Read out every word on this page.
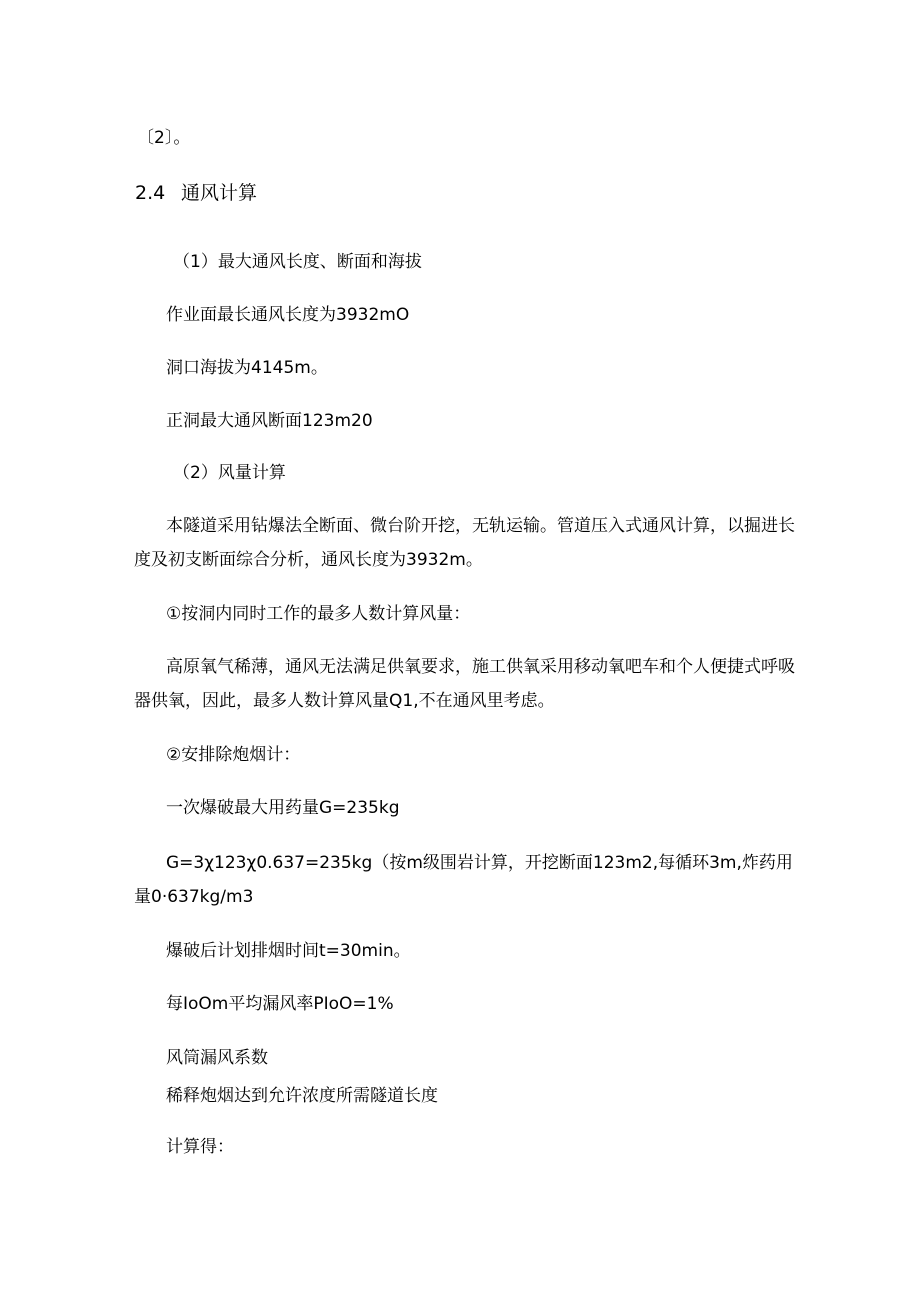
〔2〕。

2.4 通风计算

（1）最大通风长度、断面和海拔

作业面最长通风长度为3932mO

洞口海拔为4145m。

正洞最大通风断面123m20

（2）风量计算

本隧道采用钻爆法全断面、微台阶开挖，无轨运输。管道压入式通风计算，以掘进长

度及初支断面综合分析，通风长度为3932m。

①按洞内同时工作的最多人数计算风量：

高原氧气稀薄，通风无法满足供氧要求，施工供氧采用移动氧吧车和个人便捷式呼吸

器供氧，因此，最多人数计算风量Q1,不在通风里考虑。

②安排除炮烟计：

一次爆破最大用药量G=235kg

G=3χ123χ0.637=235kg（按m级围岩计算，开挖断面123m2,每循环3m,炸药用

量0·637kg∕m3

爆破后计划排烟时间t=30min。

每IoOm平均漏风率PIoO=1%

风筒漏风系数

稀释炮烟达到允许浓度所需隧道长度

计算得：
